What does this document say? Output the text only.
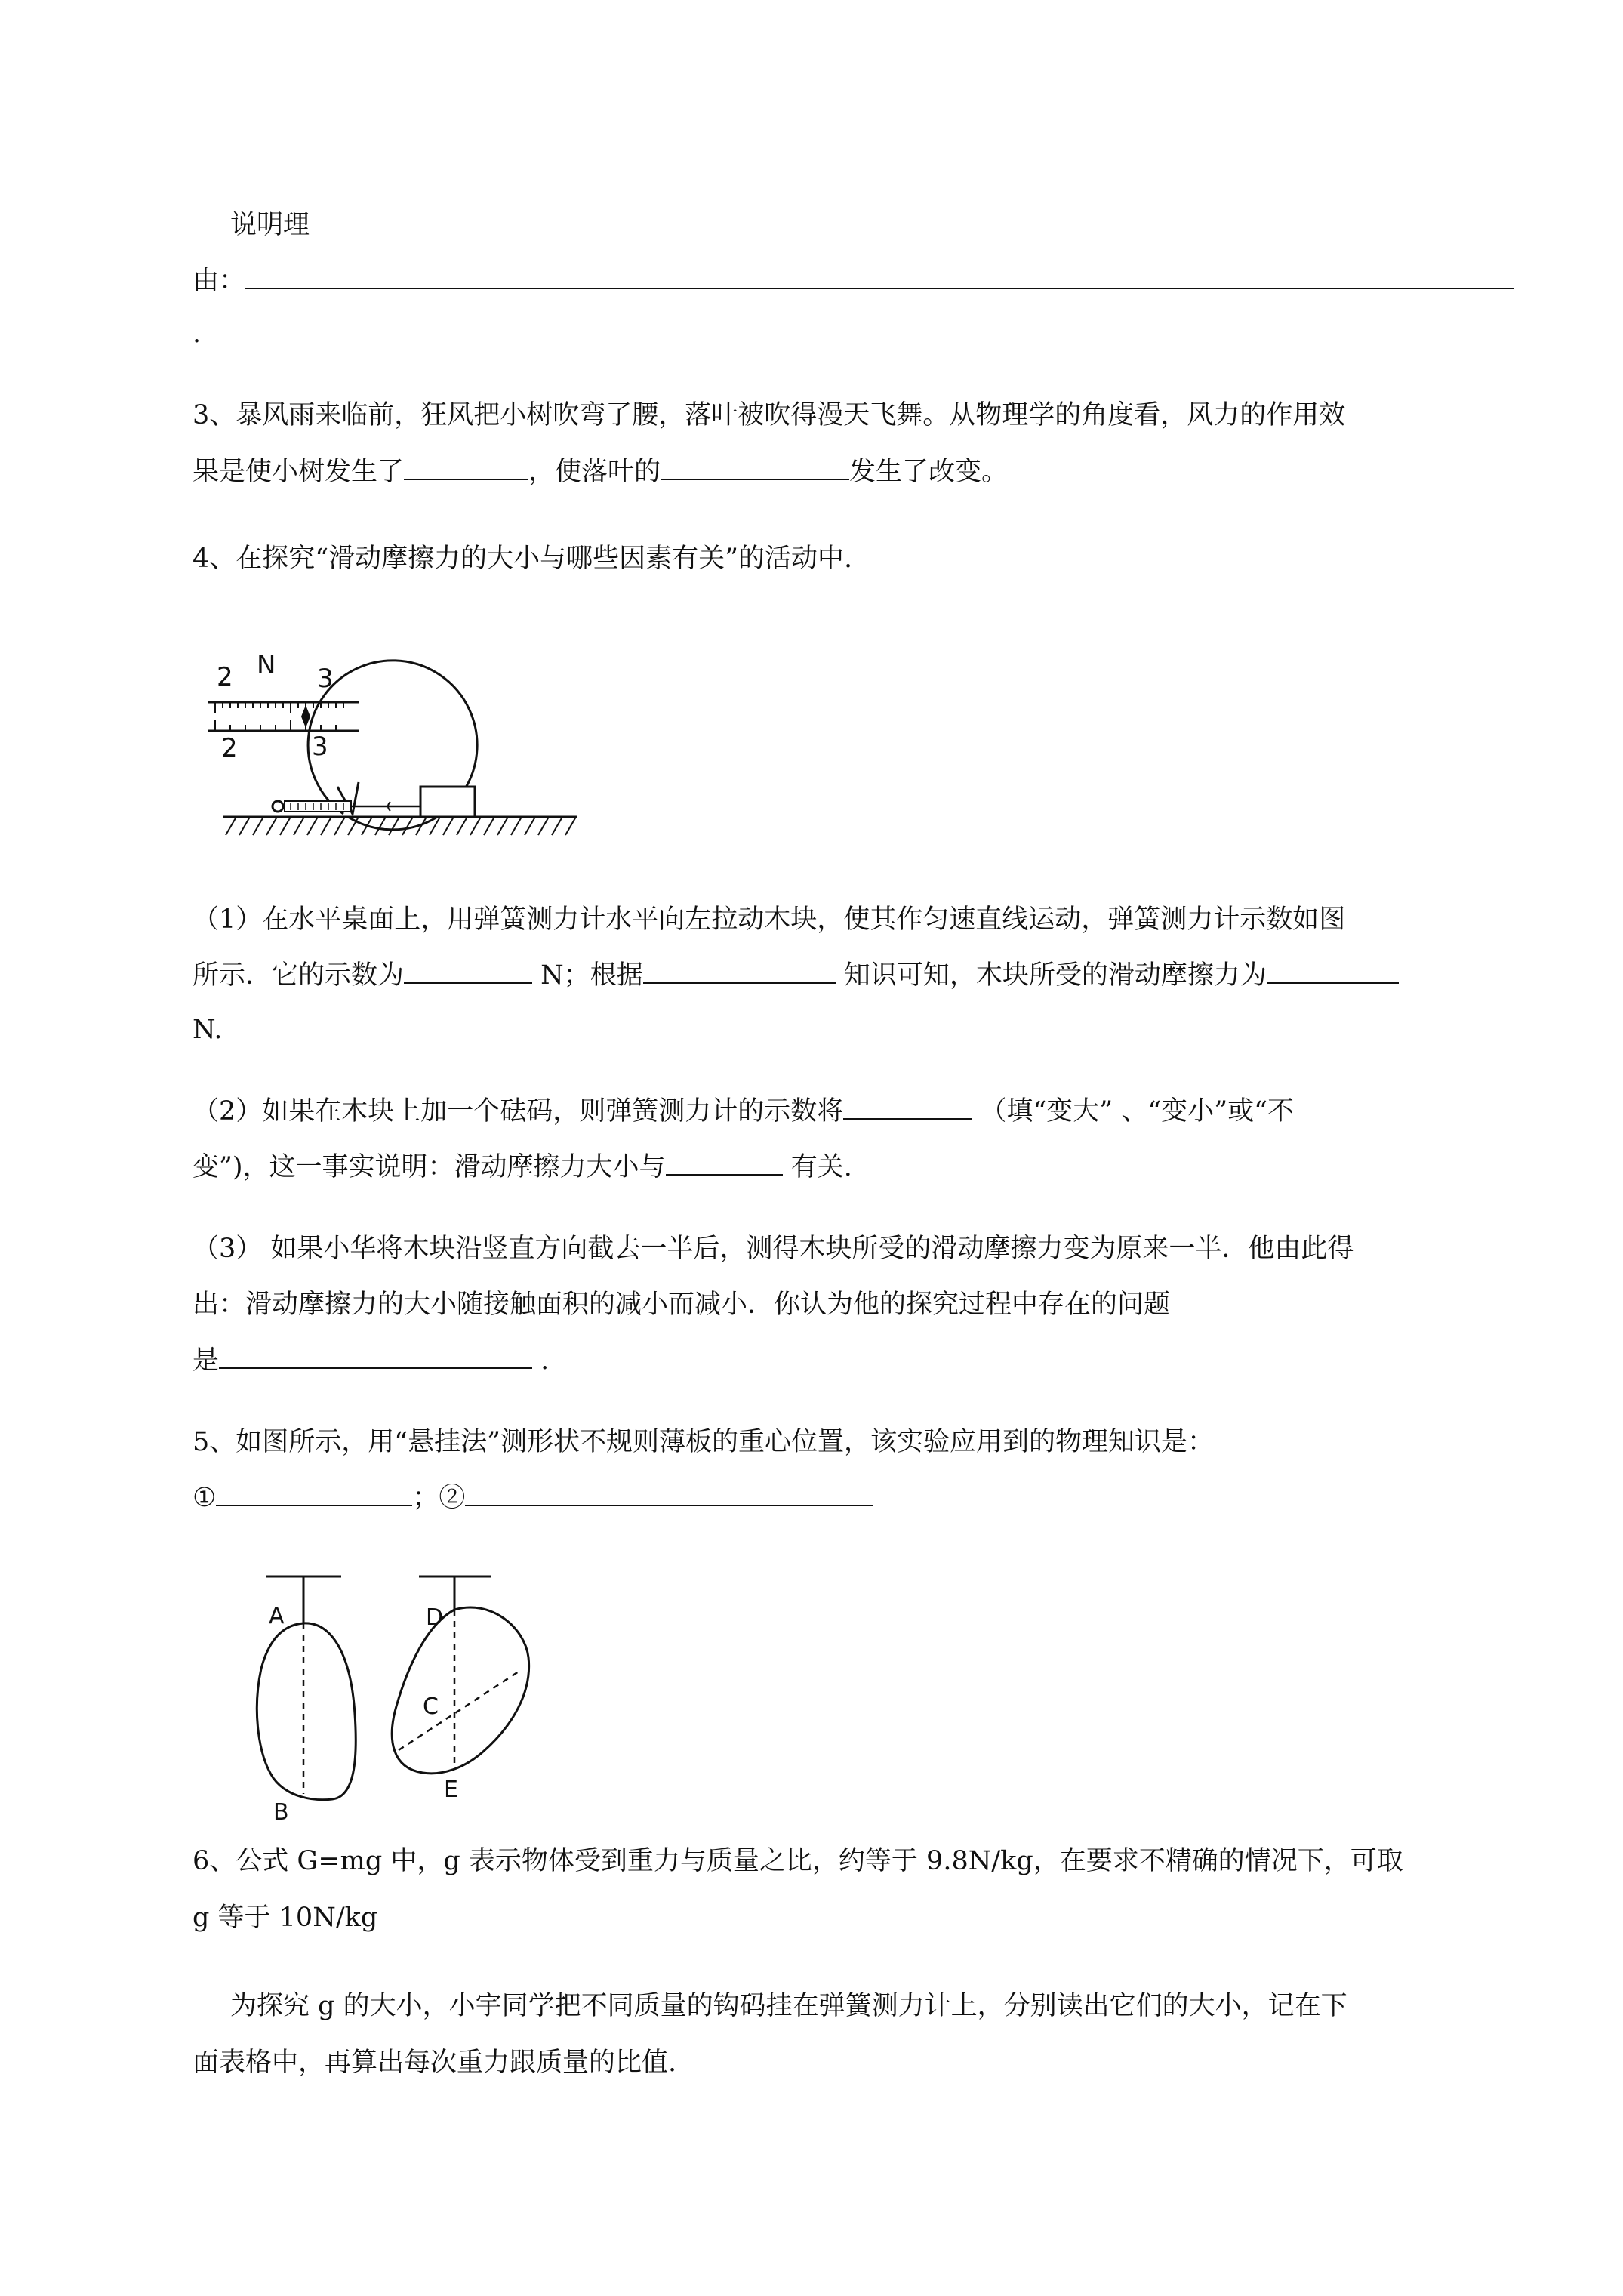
说明理
由：
.
3、暴风雨来临前，狂风把小树吹弯了腰，落叶被吹得漫天飞舞。从物理学的角度看，风力的作用效
果是使小树发生了	，使落叶的	发生了改变。
4、在探究“滑动摩擦力的大小与哪些因素有关”的活动中.
2 N 3
2	3
（1）在水平桌面上，用弹簧测力计水平向左拉动木块，使其作匀速直线运动，弹簧测力计示数如图
所示．它的示数为	N；根据	知识可知，木块所受的滑动摩擦力为
N.
（2）如果在木块上加一个砝码，则弹簧测力计的示数将	（填“变大” 、“变小”或“不
变”)，这一事实说明：滑动摩擦力大小与	有关.
（3） 如果小华将木块沿竖直方向截去一半后，测得木块所受的滑动摩擦力变为原来一半．他由此得
出：滑动摩擦力的大小随接触面积的减小而减小．你认为他的探究过程中存在的问题
是	.
5、如图所示，用“悬挂法”测形状不规则薄板的重心位置，该实验应用到的物理知识是：
①	；②
A
B
D
C
E
6、公式 G=mg 中，g 表示物体受到重力与质量之比，约等于 9.8N/kg，在要求不精确的情况下，可取
g 等于 10N/kg
为探究 g 的大小，小宇同学把不同质量的钩码挂在弹簧测力计上，分别读出它们的大小，记在下
面表格中，再算出每次重力跟质量的比值.
